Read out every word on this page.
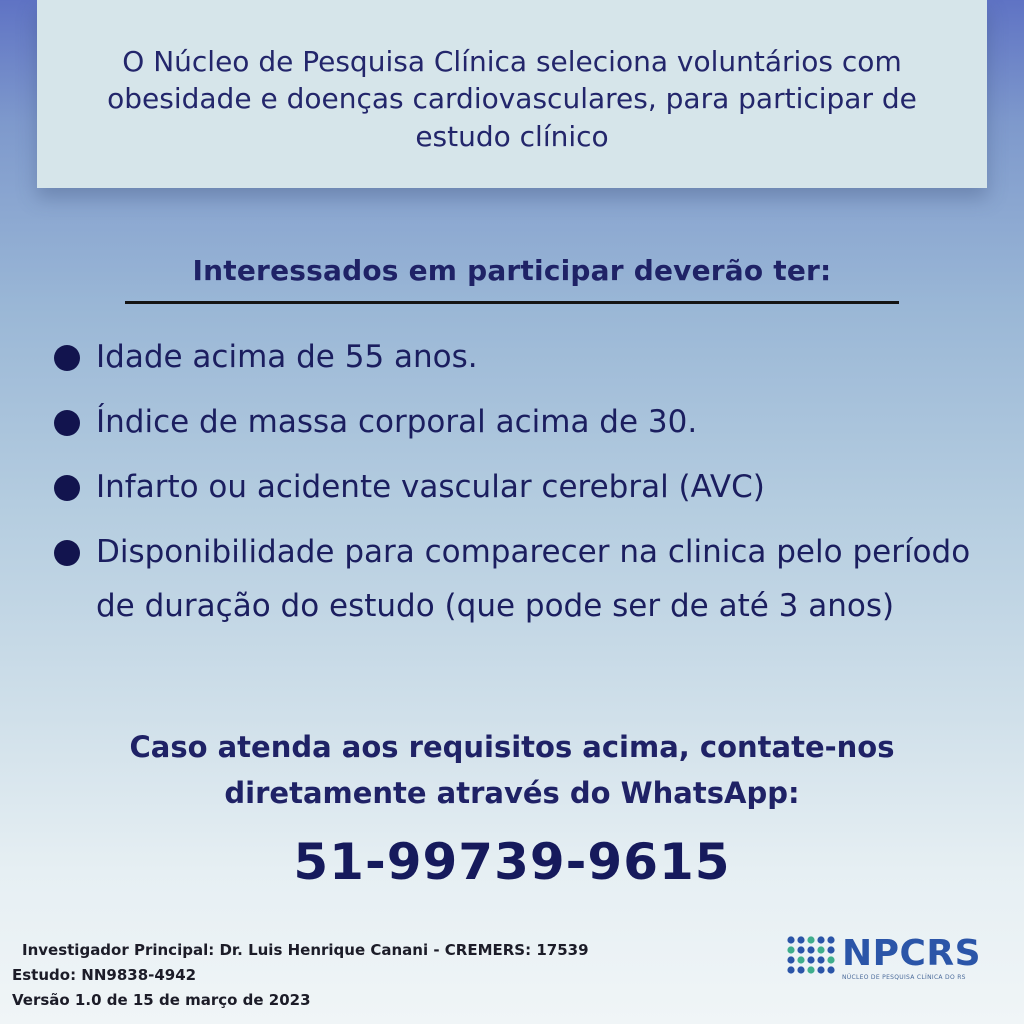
O Núcleo de Pesquisa Clínica seleciona voluntários com obesidade e doenças cardiovasculares, para participar de estudo clínico

Interessados em participar deverão ter:
Idade acima de 55 anos.
Índice de massa corporal acima de 30.
Infarto ou acidente vascular cerebral (AVC)
Disponibilidade para comparecer na clinica pelo período de duração do estudo (que pode ser de até 3 anos)

Caso atenda aos requisitos acima, contate-nos diretamente através do WhatsApp:

51-99739-9615
Investigador Principal: Dr. Luis Henrique Canani - CREMERS: 17539
Estudo: NN9838-4942
Versão 1.0 de 15 de março de 2023
NPCRS
NÚCLEO DE PESQUISA CLÍNICA DO RS
